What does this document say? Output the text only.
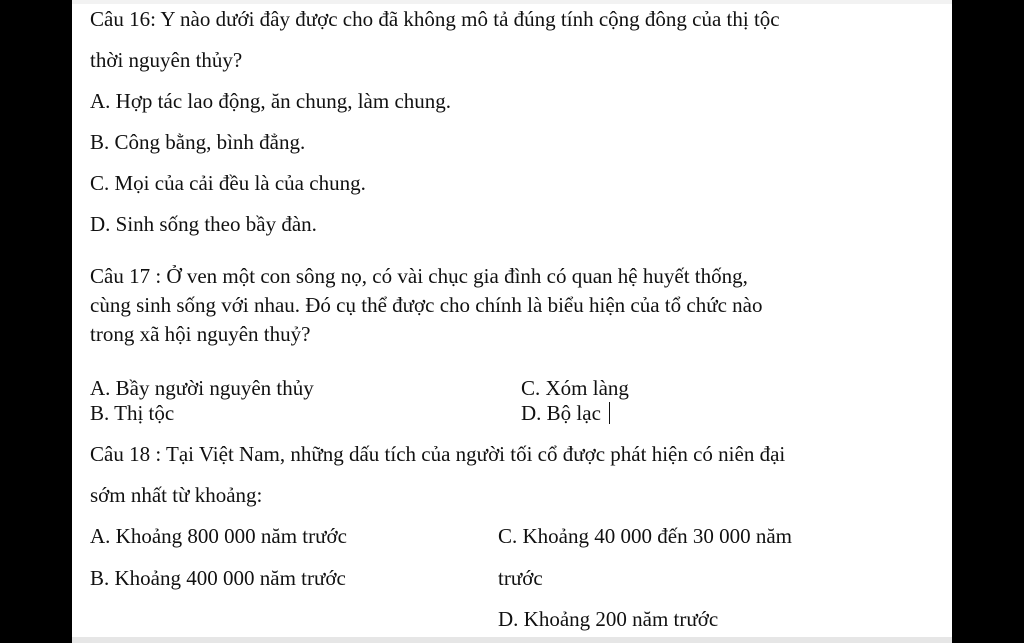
Câu 16: Y nào dưới đây được cho đã không mô tả đúng tính cộng đông của thị tộc
thời nguyên thủy?
A. Hợp tác lao động, ăn chung, làm chung.
B. Công bằng, bình đẳng.
C. Mọi của cải đều là của chung.
D. Sinh sống theo bầy đàn.
Câu 17 : Ở ven một con sông nọ, có vài chục gia đình có quan hệ huyết thống,
cùng sinh sống với nhau. Đó cụ thể được cho chính là biểu hiện của tổ chức nào
trong xã hội nguyên thuỷ?
A. Bầy người nguyên thủy	C. Xóm làng
B. Thị tộc	D. Bộ lạc
Câu 18 : Tại Việt Nam, những dấu tích của người tối cổ được phát hiện có niên đại
sớm nhất từ khoảng:
A. Khoảng 800 000 năm trước	C. Khoảng 40 000 đến 30 000 năm
B. Khoảng 400 000 năm trước	trước
D. Khoảng 200 năm trước
